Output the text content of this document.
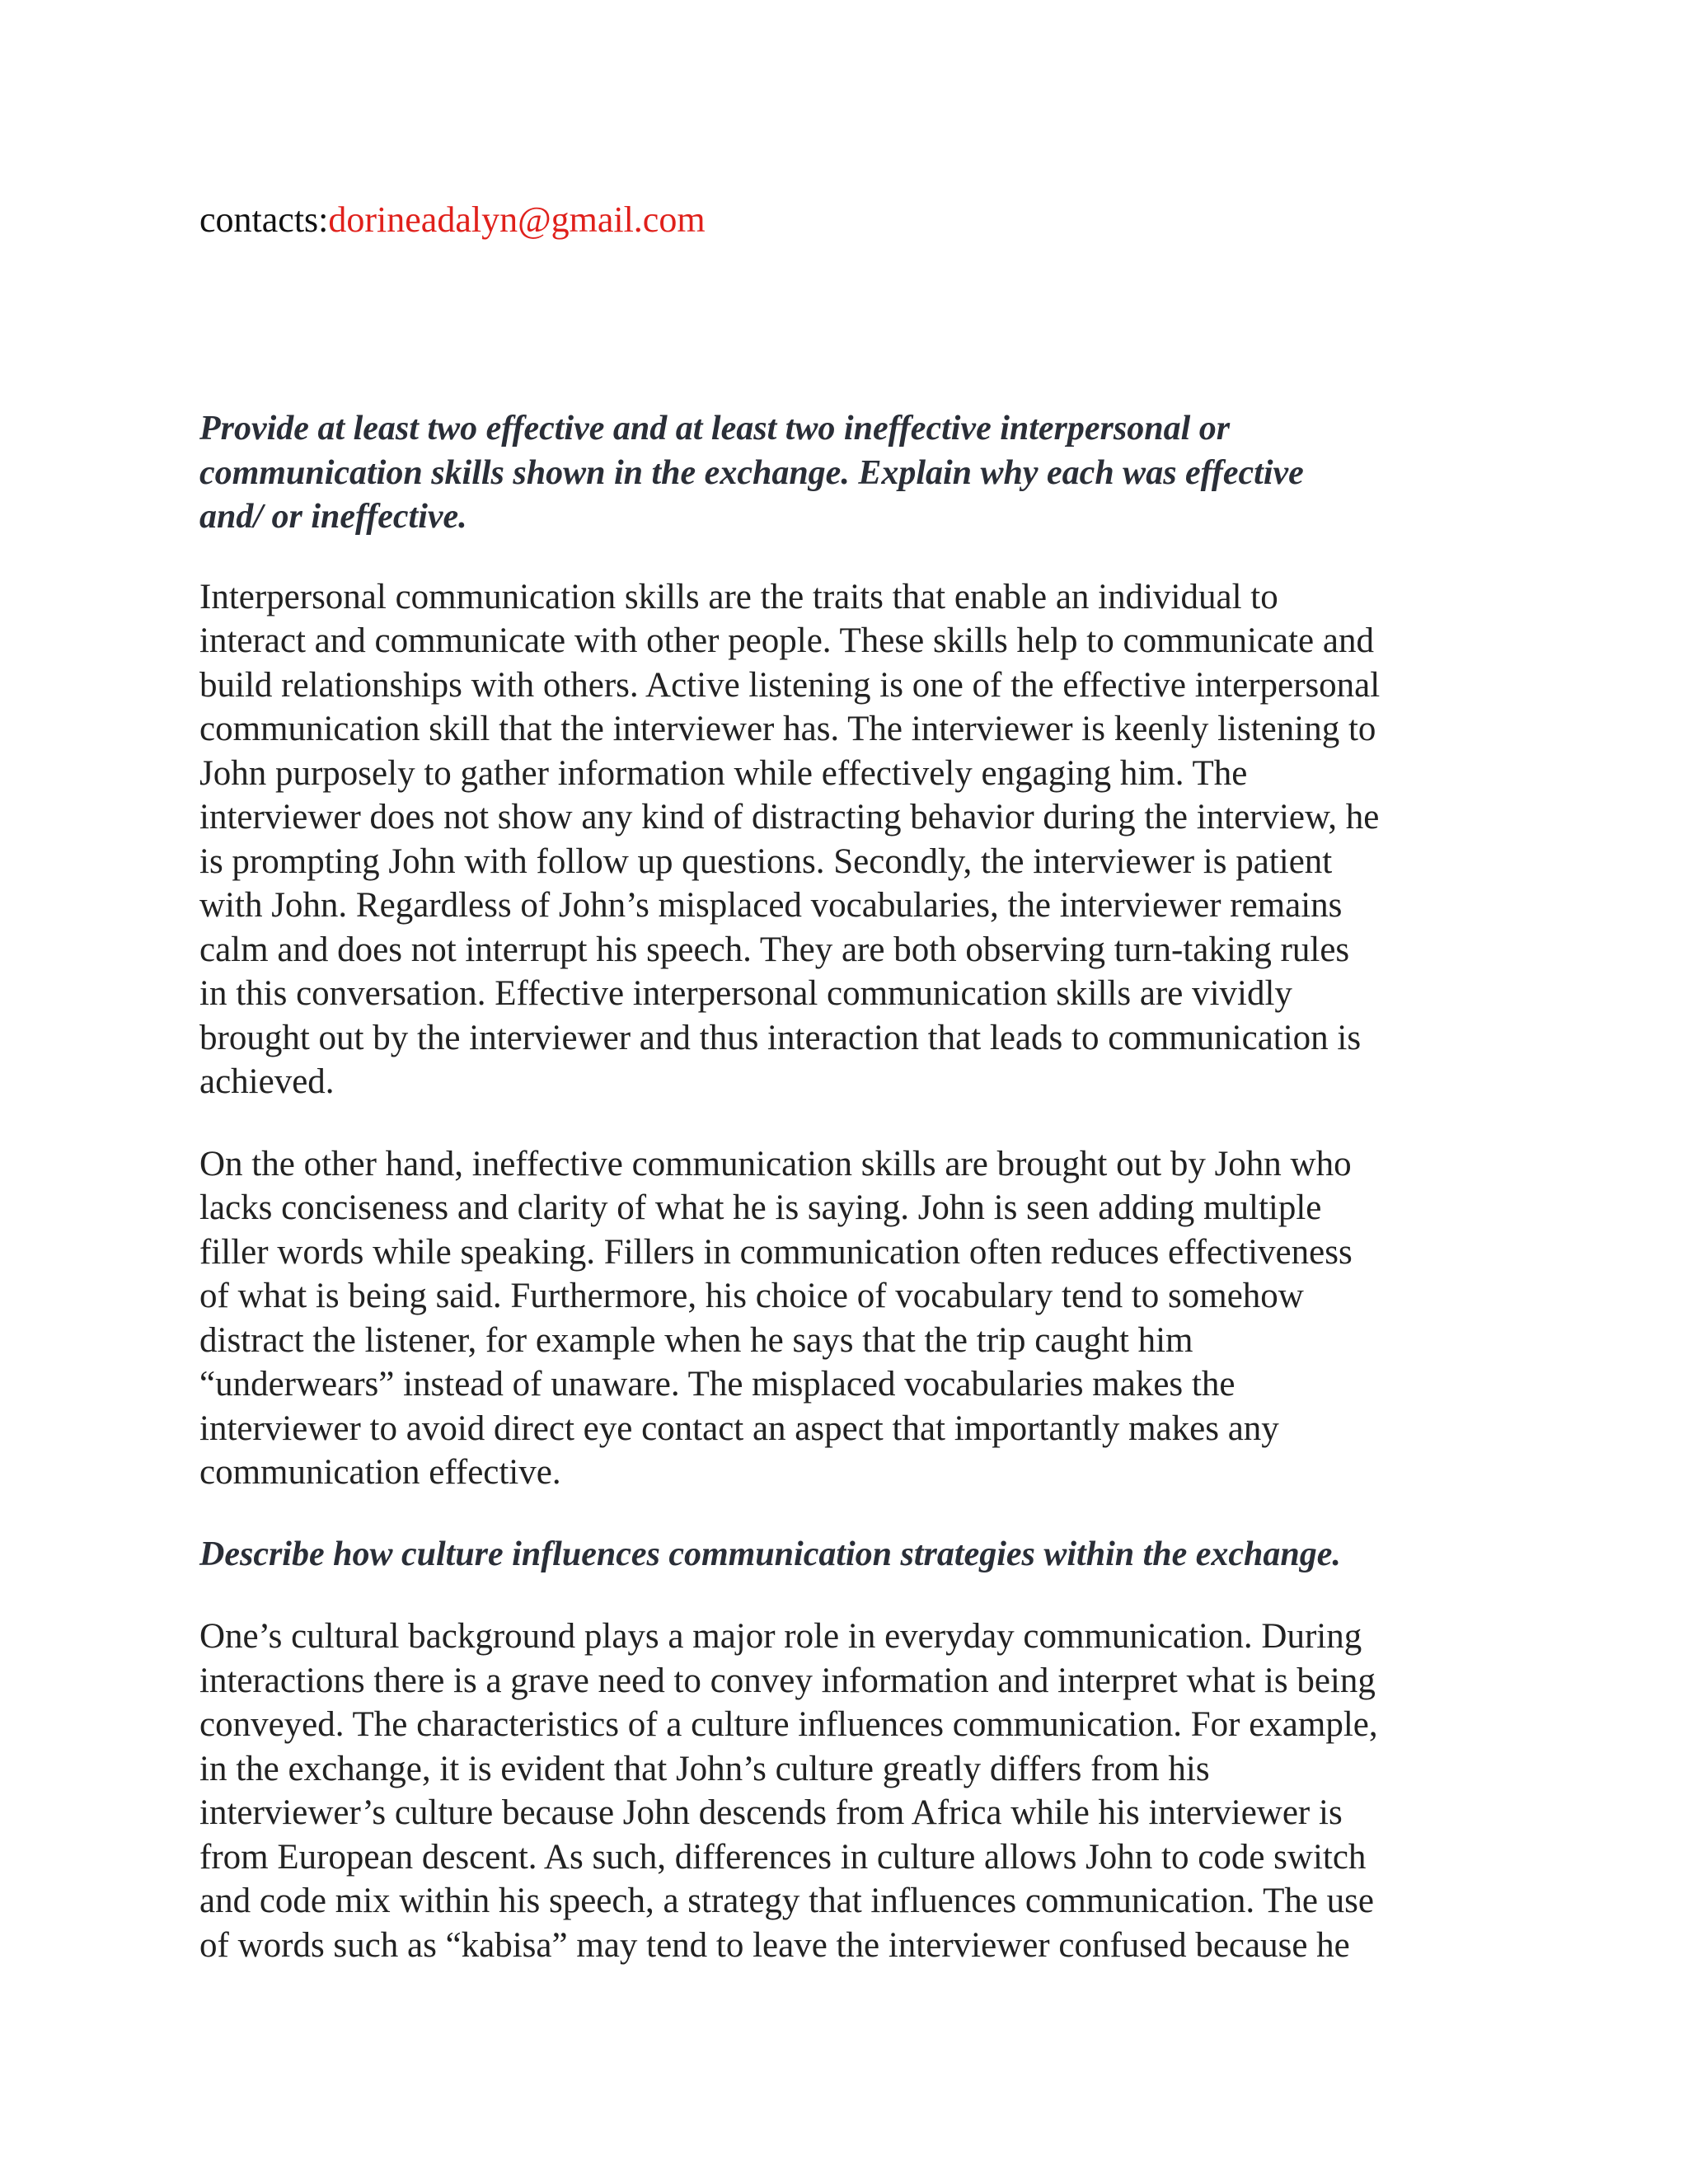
contacts:dorineadalyn@gmail.com
Provide at least two effective and at least two ineffective interpersonal or
communication skills shown in the exchange. Explain why each was effective
and/ or ineffective.
Interpersonal communication skills are the traits that enable an individual to
interact and communicate with other people. These skills help to communicate and
build relationships with others. Active listening is one of the effective interpersonal
communication skill that the interviewer has. The interviewer is keenly listening to
John purposely to gather information while effectively engaging him. The
interviewer does not show any kind of distracting behavior during the interview, he
is prompting John with follow up questions. Secondly, the interviewer is patient
with John. Regardless of John’s misplaced vocabularies, the interviewer remains
calm and does not interrupt his speech. They are both observing turn-taking rules
in this conversation. Effective interpersonal communication skills are vividly
brought out by the interviewer and thus interaction that leads to communication is
achieved.
On the other hand, ineffective communication skills are brought out by John who
lacks conciseness and clarity of what he is saying. John is seen adding multiple
filler words while speaking. Fillers in communication often reduces effectiveness
of what is being said. Furthermore, his choice of vocabulary tend to somehow
distract the listener, for example when he says that the trip caught him
“underwears” instead of unaware. The misplaced vocabularies makes the
interviewer to avoid direct eye contact an aspect that importantly makes any
communication effective.
Describe how culture influences communication strategies within the exchange.
One’s cultural background plays a major role in everyday communication. During
interactions there is a grave need to convey information and interpret what is being
conveyed. The characteristics of a culture influences communication. For example,
in the exchange, it is evident that John’s culture greatly differs from his
interviewer’s culture because John descends from Africa while his interviewer is
from European descent. As such, differences in culture allows John to code switch
and code mix within his speech, a strategy that influences communication. The use
of words such as “kabisa” may tend to leave the interviewer confused because he
